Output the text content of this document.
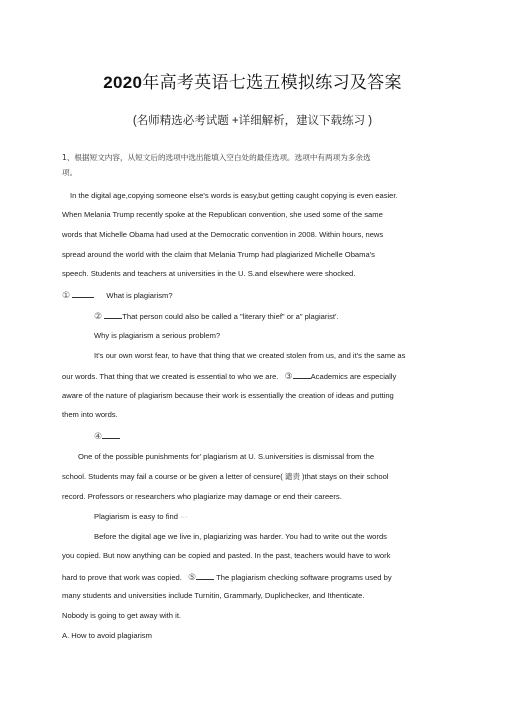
2020年高考英语七选五模拟练习及答案
(名师精选必考试题 +详细解析，建议下载练习 )
1、根据短文内容，从短文后的选项中选出能填入空白处的最佳选项。选项中有两项为多余选
项。
In the digital age,copying someone else's words is easy,but getting caught copying is even easier.
When Melania Trump recently spoke at the Republican convention, she used some of the same
words that Michelle Obama had used at the Democratic convention in 2008. Within hours, news
spread around the world with the claim that Melania Trump had plagiarized Michelle Obama's
speech. Students and teachers at universities in the U. S.and elsewhere were shocked.
①	What is plagiarism?
②	That person could also be called a "literary thief" or a" plagiarist'.
Why is plagiarism a serious problem?
It's our own worst fear, to have that thing that we created stolen from us, and it's the same as
our words. That thing that we created is essential to who we are. ③ Academics are especially
aware of the nature of plagiarism because their work is essentially the creation of ideas and putting
them into words.
④
One of the possible punishments for' plagiarism at U. S.universities is dismissal from the
school. Students may fail a course or be given a letter of censure( 谴责 )that stays on their school
record. Professors or researchers who plagiarize may damage or end their careers.
Plagiarism is easy to find ···
Before the digital age we live in, plagiarizing was harder. You had to write out the words
you copied. But now anything can be copied and pasted. In the past, teachers would have to work
hard to prove that work was copied. ⑤	The plagiarism checking software programs used by
many students and universities include Turnitin, Grammarly, Duplichecker, and Ithenticate.
Nobody is going to get away with it.
A. How to avoid plagiarism
